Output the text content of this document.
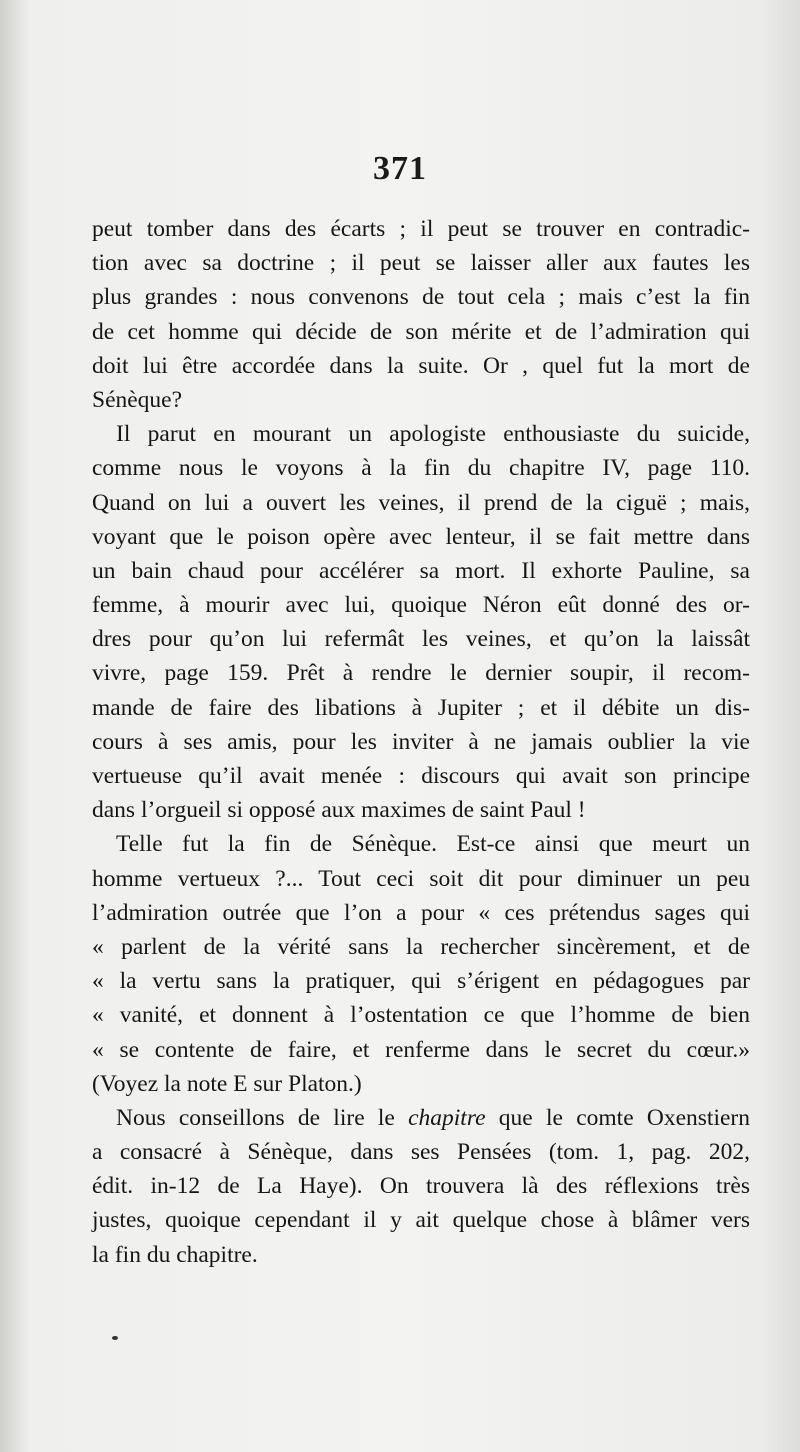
371
peut tomber dans des écarts ; il peut se trouver en contradic-
tion avec sa doctrine ; il peut se laisser aller aux fautes les
plus grandes : nous convenons de tout cela ; mais c’est la fin
de cet homme qui décide de son mérite et de l’admiration qui
doit lui être accordée dans la suite. Or , quel fut la mort de
Sénèque?
Il parut en mourant un apologiste enthousiaste du suicide,
comme nous le voyons à la fin du chapitre IV, page 110.
Quand on lui a ouvert les veines, il prend de la ciguë ; mais,
voyant que le poison opère avec lenteur, il se fait mettre dans
un bain chaud pour accélérer sa mort. Il exhorte Pauline, sa
femme, à mourir avec lui, quoique Néron eût donné des or-
dres pour qu’on lui refermât les veines, et qu’on la laissât
vivre, page 159. Prêt à rendre le dernier soupir, il recom-
mande de faire des libations à Jupiter ; et il débite un dis-
cours à ses amis, pour les inviter à ne jamais oublier la vie
vertueuse qu’il avait menée : discours qui avait son principe
dans l’orgueil si opposé aux maximes de saint Paul !
Telle fut la fin de Sénèque. Est-ce ainsi que meurt un
homme vertueux ?... Tout ceci soit dit pour diminuer un peu
l’admiration outrée que l’on a pour « ces prétendus sages qui
« parlent de la vérité sans la rechercher sincèrement, et de
« la vertu sans la pratiquer, qui s’érigent en pédagogues par
« vanité, et donnent à l’ostentation ce que l’homme de bien
« se contente de faire, et renferme dans le secret du cœur.»
(Voyez la note E sur Platon.)
Nous conseillons de lire le chapitre que le comte Oxenstiern
a consacré à Sénèque, dans ses Pensées (tom. 1, pag. 202,
édit. in-12 de La Haye). On trouvera là des réflexions très
justes, quoique cependant il y ait quelque chose à blâmer vers
la fin du chapitre.
